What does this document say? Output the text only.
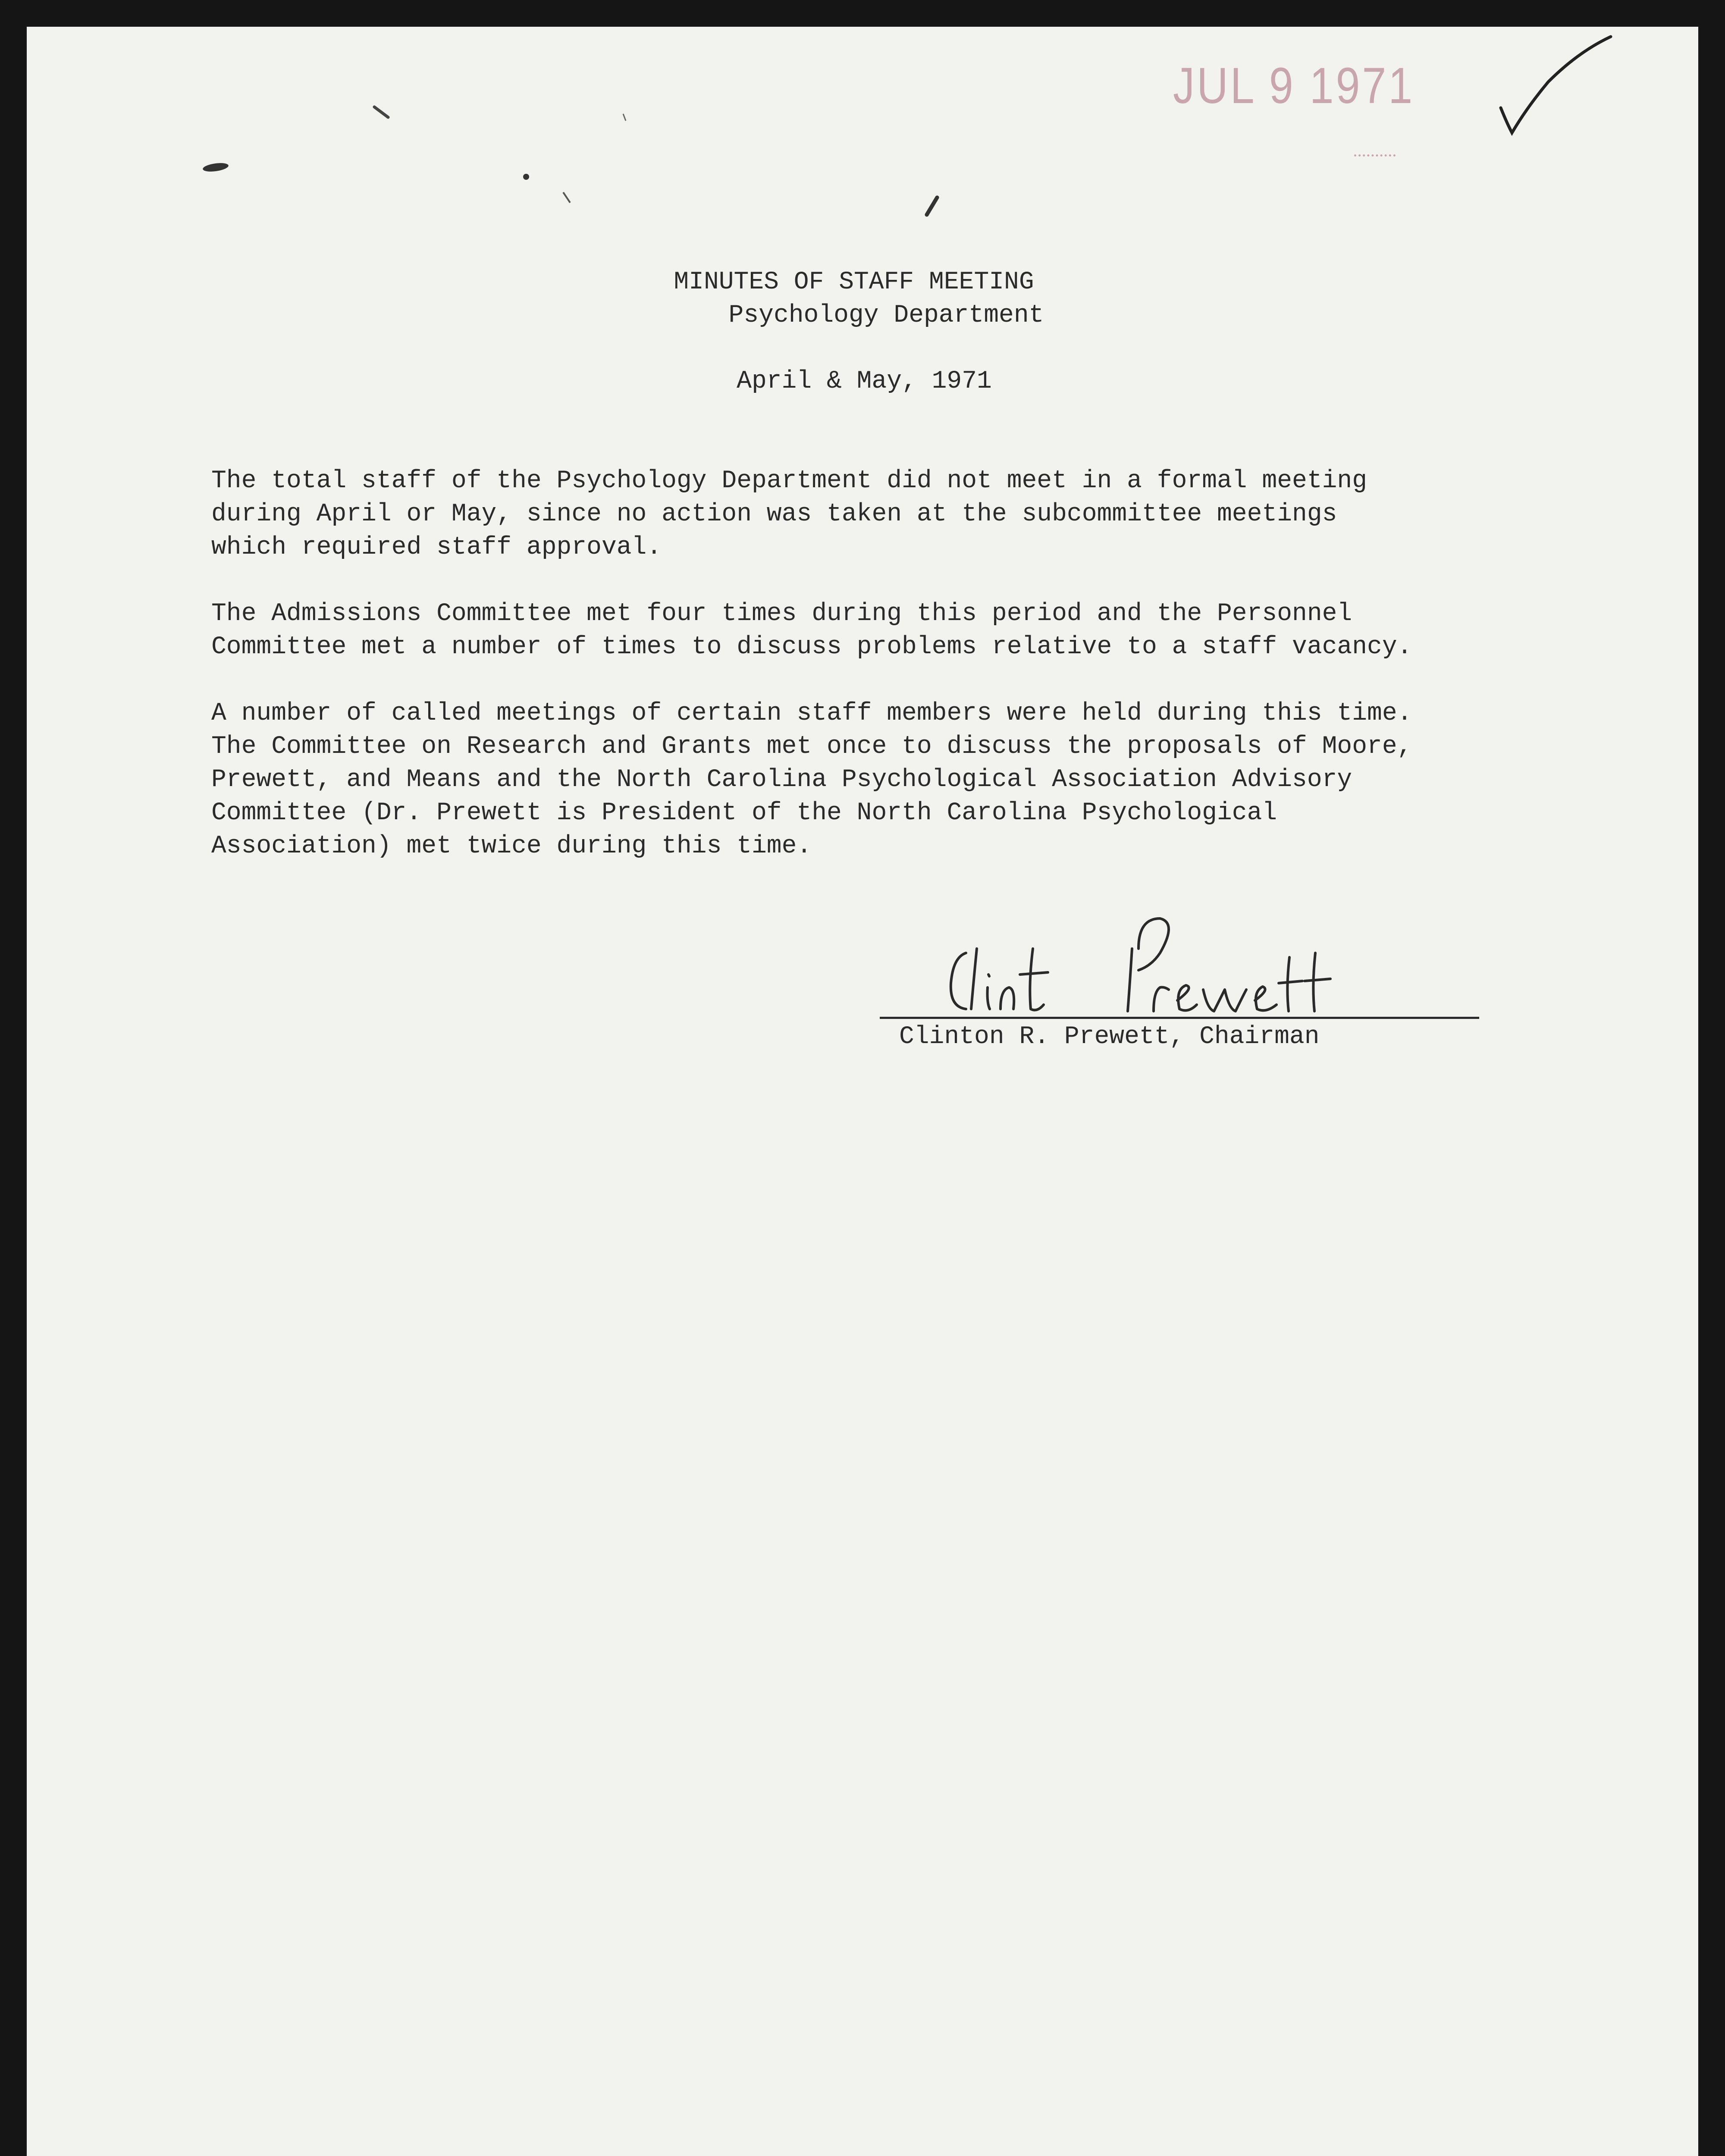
JUL 9 1971
MINUTES OF STAFF MEETING
Psychology Department

April & May, 1971

The total staff of the Psychology Department did not meet in a formal meeting

during April or May, since no action was taken at the subcommittee meetings

which required staff approval.

The Admissions Committee met four times during this period and the Personnel

Committee met a number of times to discuss problems relative to a staff vacancy.

A number of called meetings of certain staff members were held during this time.

The Committee on Research and Grants met once to discuss the proposals of Moore,

Prewett, and Means and the North Carolina Psychological Association Advisory

Committee (Dr. Prewett is President of the North Carolina Psychological

Association) met twice during this time.

Clinton R. Prewett, Chairman
